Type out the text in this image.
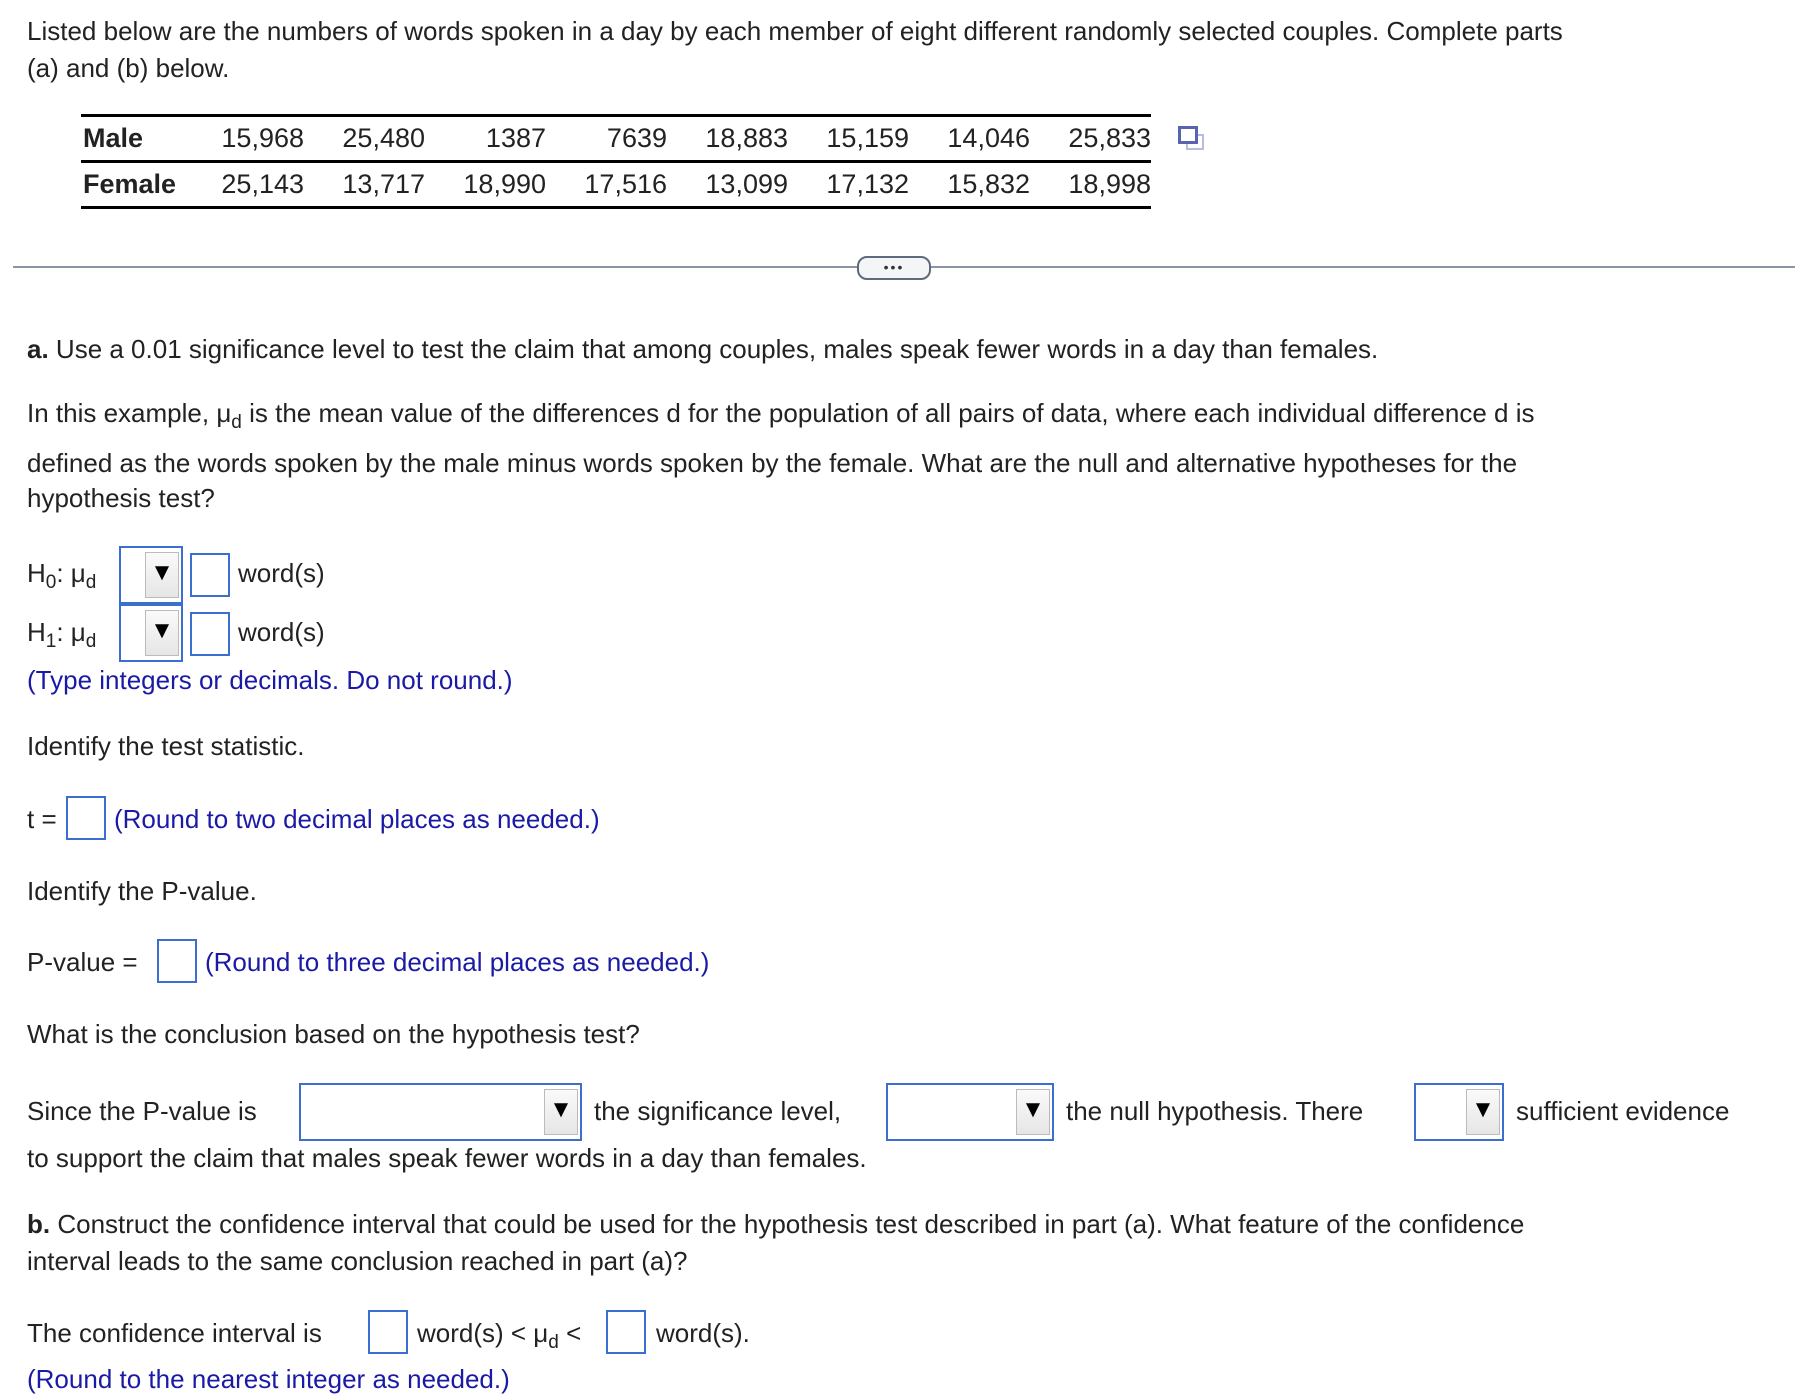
Listed below are the numbers of words spoken in a day by each member of eight different randomly selected couples. Complete parts
(a) and (b) below.
Male	15,968	25,480	1387	7639	18,883	15,159	14,046	25,833
Female	25,143	13,717	18,990	17,516	13,099	17,132	15,832	18,998
•••
a. Use a 0.01 significance level to test the claim that among couples, males speak fewer words in a day than females.
In this example, $\mu_d$ is the mean value of the differences d for the population of all pairs of data, where each individual difference d is
defined as the words spoken by the male minus words spoken by the female. What are the null and alternative hypotheses for the
hypothesis test?
$H_0$: $\mu_d$ ▼ word(s)
$H_1$: $\mu_d$ ▼ word(s)
(Type integers or decimals. Do not round.)
Identify the test statistic.
t = (Round to two decimal places as needed.)
Identify the P-value.
P-value =	(Round to three decimal places as needed.)
What is the conclusion based on the hypothesis test?
Since the P-value is	▼ the significance level,	▼ the null hypothesis. There	▼ sufficient evidence
to support the claim that males speak fewer words in a day than females.
b. Construct the confidence interval that could be used for the hypothesis test described in part (a). What feature of the confidence
interval leads to the same conclusion reached in part (a)?
The confidence interval is	word(s) < $\mu_d$ <	word(s).
(Round to the nearest integer as needed.)
